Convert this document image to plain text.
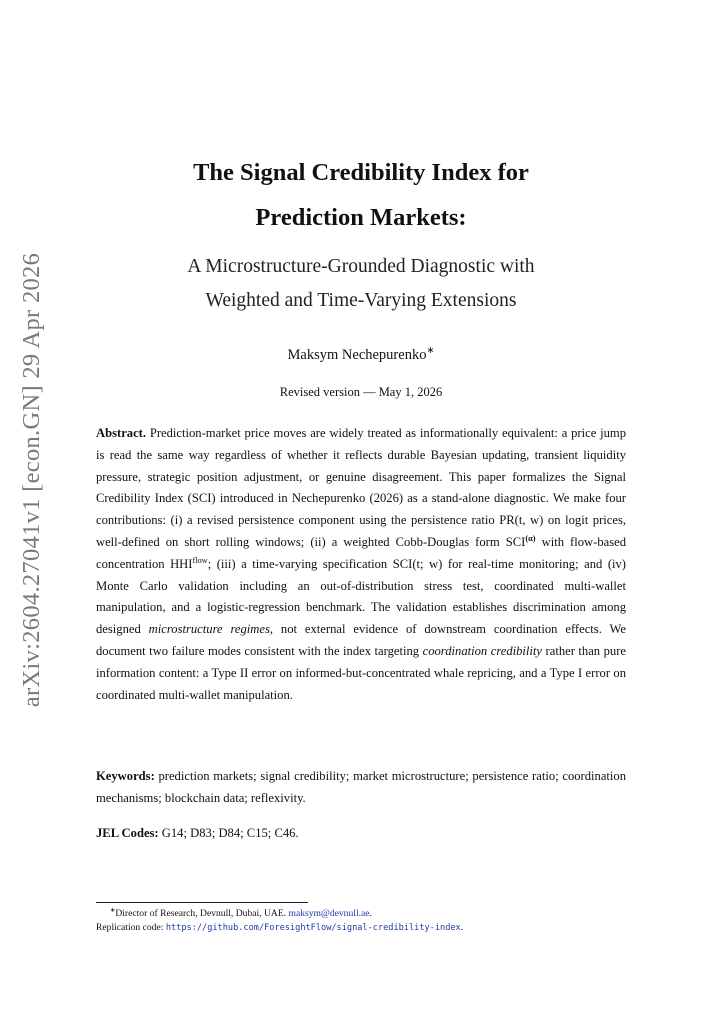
arXiv:2604.27041v1 [econ.GN] 29 Apr 2026
The Signal Credibility Index for
Prediction Markets:
A Microstructure-Grounded Diagnostic with
Weighted and Time-Varying Extensions
Maksym Nechepurenko∗
Revised version — May 1, 2026
Abstract. Prediction-market price moves are widely treated as informationally equivalent: a price jump is read the same way regardless of whether it reflects durable Bayesian updating, transient liquidity pressure, strategic position adjustment, or genuine disagreement. This paper formalizes the Signal Credibility Index (SCI) introduced in Nechepurenko (2026) as a stand-alone diagnostic. We make four contributions: (i) a revised persistence component using the persistence ratio PR(t, w) on logit prices, well-defined on short rolling windows; (ii) a weighted Cobb-Douglas form $SCI^{(\alpha)}$ with flow-based concentration $HHI^{flow}$; (iii) a time-varying specification SCI(t; w) for real-time monitoring; and (iv) Monte Carlo validation including an out-of-distribution stress test, coordinated multi-wallet manipulation, and a logistic-regression benchmark. The validation establishes discrimination among designed microstructure regimes, not external evidence of downstream coordination effects. We document two failure modes consistent with the index targeting coordination credibility rather than pure information content: a Type II error on informed-but-concentrated whale repricing, and a Type I error on coordinated multi-wallet manipulation.
Keywords: prediction markets; signal credibility; market microstructure; persistence ratio; coordination mechanisms; blockchain data; reflexivity.
JEL Codes: G14; D83; D84; C15; C46.
∗Director of Research, Devnull, Dubai, UAE. maksym@devnull.ae.
Replication code: https://github.com/ForesightFlow/signal-credibility-index.
